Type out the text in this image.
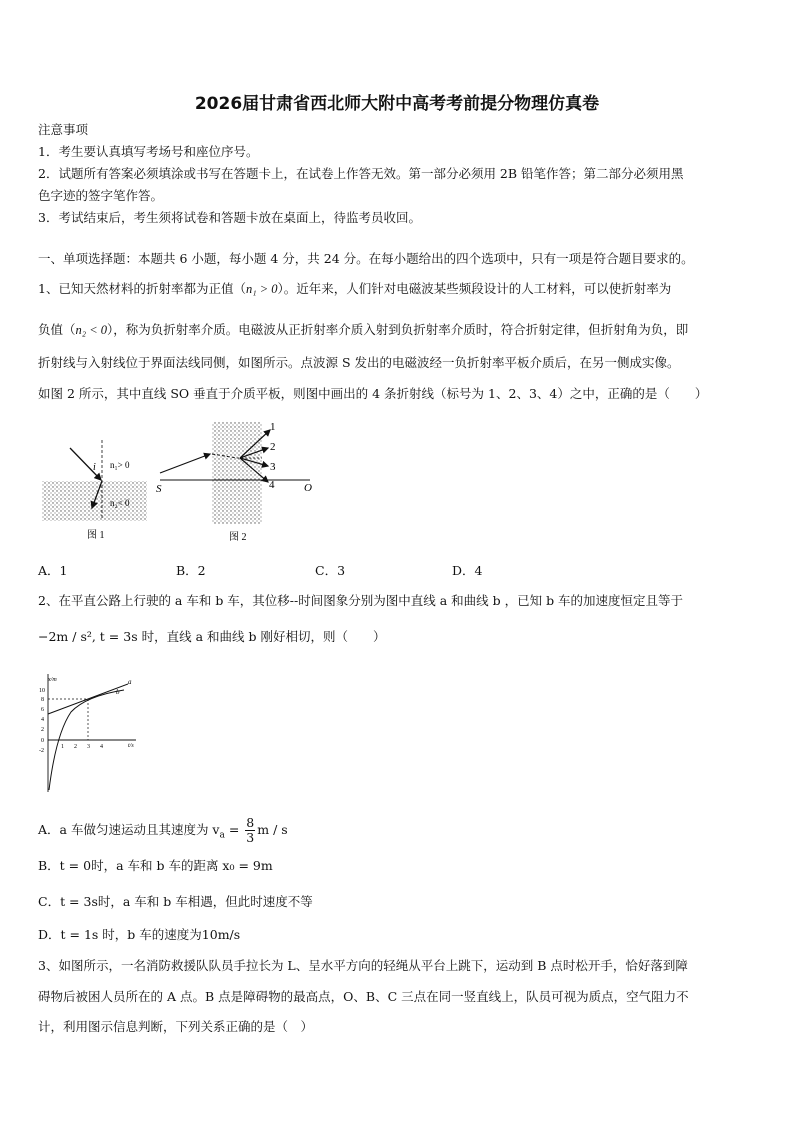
2026届甘肃省西北师大附中高考考前提分物理仿真卷
注意事项
1．考生要认真填写考场号和座位序号。
2．试题所有答案必须填涂或书写在答题卡上，在试卷上作答无效。第一部分必须用 2B 铅笔作答；第二部分必须用黑
色字迹的签字笔作答。
3．考试结束后，考生须将试卷和答题卡放在桌面上，待监考员收回。
一、单项选择题：本题共 6 小题，每小题 4 分，共 24 分。在每小题给出的四个选项中，只有一项是符合题目要求的。
1、已知天然材料的折射率都为正值（n₁ > 0）。近年来，人们针对电磁波某些频段设计的人工材料，可以使折射率为
负值（n₂ < 0），称为负折射率介质。电磁波从正折射率介质入射到负折射率介质时，符合折射定律，但折射角为负，即
折射线与入射线位于界面法线同侧，如图所示。点波源 S 发出的电磁波经一负折射率平板介质后，在另一侧成实像。
如图 2 所示，其中直线 SO 垂直于介质平板，则图中画出的 4 条折射线（标号为 1、2、3、4）之中，正确的是（　　）
i n₁> 0
n₂< 0
图 1
1
2
3
4
S	O
图 2
A．1	B．2	C．3	D．4
2、在平直公路上行驶的 a 车和 b 车，其位移--时间图象分别为图中直线 a 和曲线 b ，已知 b 车的加速度恒定且等于
−2m / s², t = 3s 时，直线 a 和曲线 b 刚好相切，则（　　）
x/m
t/s
a
b
10
8
6
4
2
0
-2
1 2 3 4
A．a 车做匀速运动且其速度为 $v_a = \frac{8}{3}$ m / s
B．t = 0时，a 车和 b 车的距离 x₀ = 9m
C．t = 3s时，a 车和 b 车相遇，但此时速度不等
D．t = 1s 时，b 车的速度为10m/s
3、如图所示，一名消防救援队队员手拉长为 L、呈水平方向的轻绳从平台上跳下，运动到 B 点时松开手，恰好落到障
碍物后被困人员所在的 A 点。B 点是障碍物的最高点，O、B、C 三点在同一竖直线上，队员可视为质点，空气阻力不
计，利用图示信息判断，下列关系正确的是（　）
